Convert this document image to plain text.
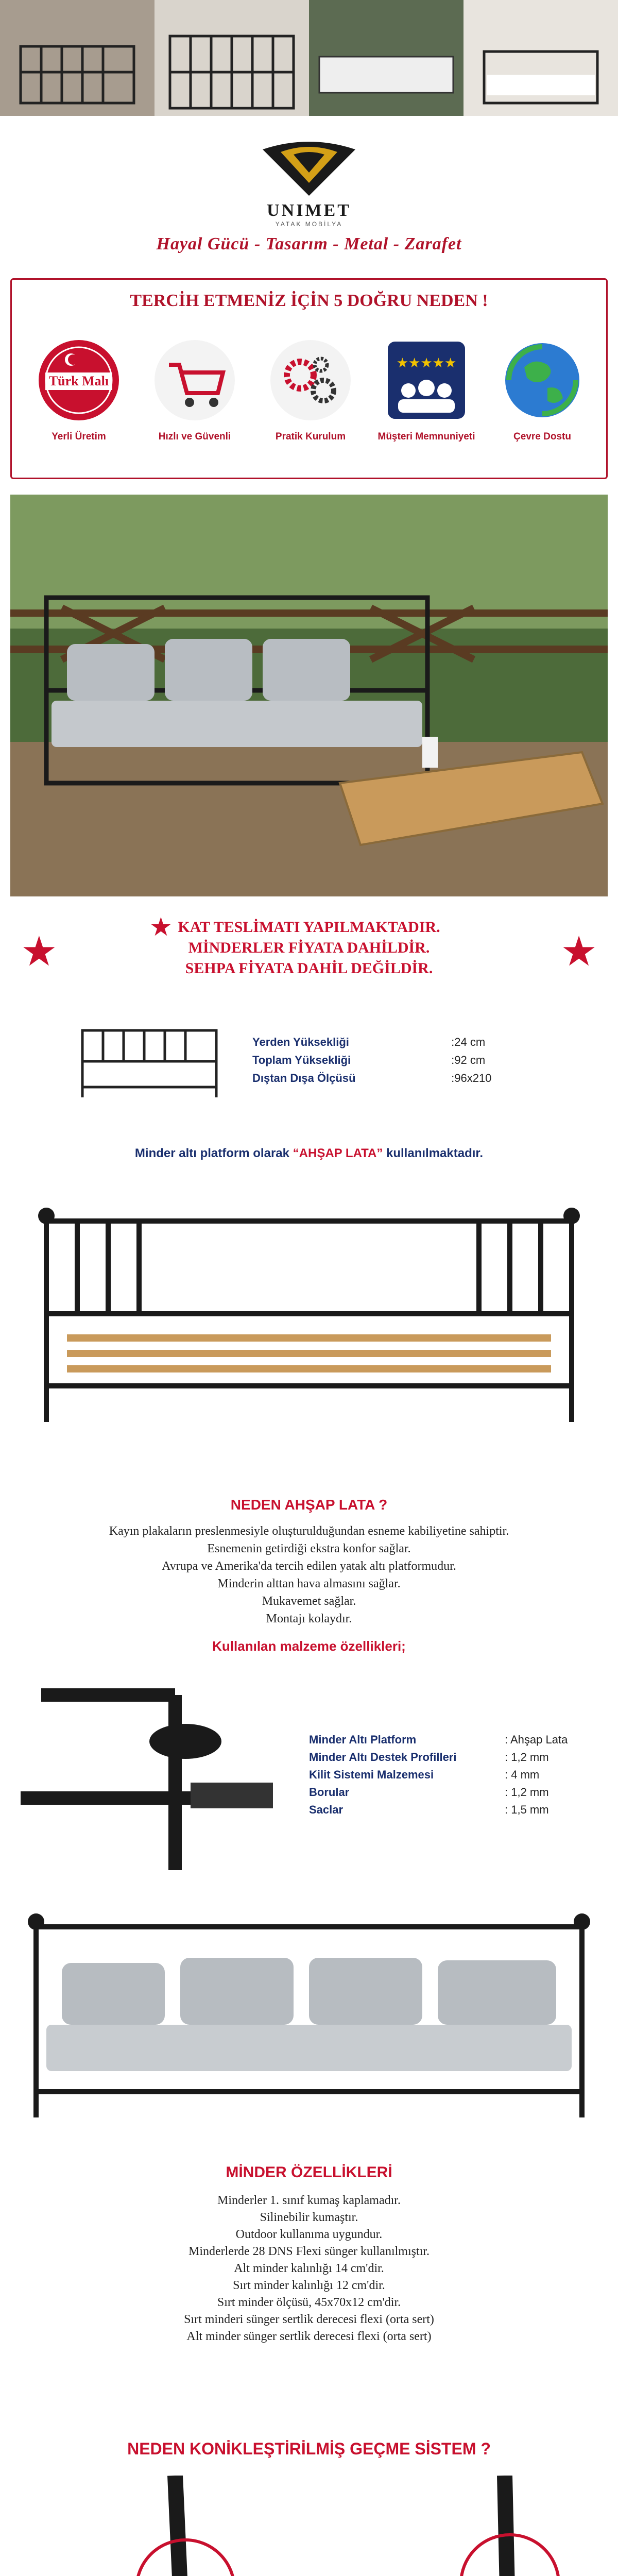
UNIMET
YATAK MOBİLYA
Hayal Gücü - Tasarım - Metal - Zarafet
TERCİH ETMENİZ İÇİN 5 DOĞRU NEDEN !
Türk Malı
Yerli Üretim	Hızlı ve Güvenli	Pratik Kurulum
★★★★★
Müşteri Memnuniyeti	Çevre Dostu
★	★
★ KAT TESLİMATI YAPILMAKTADIR.
MİNDERLER FİYATA DAHİLDİR.
SEHPA FİYATA DAHİL DEĞİLDİR.
Yerden Yüksekliği	:24 cm
Toplam Yüksekliği	:92 cm
Dıştan Dışa Ölçüsü	:96x210
Minder altı platform olarak “AHŞAP LATA” kullanılmaktadır.
NEDEN AHŞAP LATA ?
Kayın plakaların preslenmesiyle oluşturulduğundan esneme kabiliyetine sahiptir.
Esnemenin getirdiği ekstra konfor sağlar.
Avrupa ve Amerika'da tercih edilen yatak altı platformudur.
Minderin alttan hava almasını sağlar.
Mukavemet sağlar.
Montajı kolaydır.
Kullanılan malzeme özellikleri;
Minder Altı Platform	: Ahşap Lata
Minder Altı Destek Profilleri	: 1,2 mm
Kilit Sistemi Malzemesi	: 4 mm
Borular	: 1,2 mm
Saclar	: 1,5 mm
MİNDER ÖZELLİKLERİ
Minderler 1. sınıf kumaş kaplamadır.
Silinebilir kumaştır.
Outdoor kullanıma uygundur.
Minderlerde 28 DNS Flexi sünger kullanılmıştır.
Alt minder kalınlığı 14 cm'dir.
Sırt minder kalınlığı 12 cm'dir.
Sırt minder ölçüsü, 45x70x12 cm'dir.
Sırt minderi sünger sertlik derecesi flexi (orta sert)
Alt minder sünger sertlik derecesi flexi (orta sert)
NEDEN KONİKLEŞTİRİLMİŞ GEÇME SİSTEM ?
